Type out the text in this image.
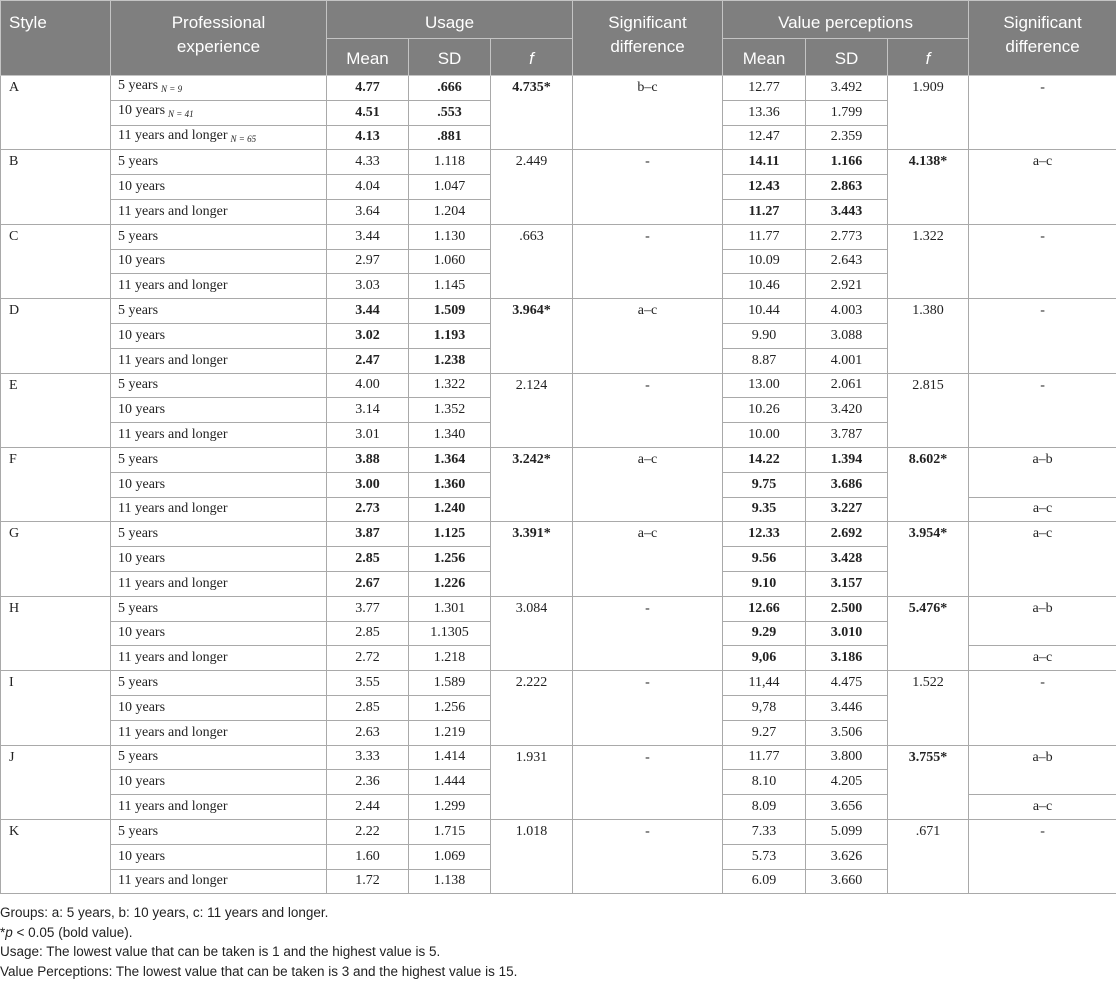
Style	Professional
experience	Usage			Significant
difference	Value perceptions			Significant
difference

		Mean	SD	f		Mean	SD	f	
A	5 years $_{N = 9}$	4.77	.666	4.735*	b–c	12.77	3.492	1.909	-
	10 years $_{N = 41}$	4.51	.553			13.36	1.799		
	11 years and longer $_{N = 65}$	4.13	.881			12.47	2.359		
B	5 years	4.33	1.118	2.449	-	14.11	1.166	4.138*	a–c
	10 years	4.04	1.047			12.43	2.863		
	11 years and longer	3.64	1.204			11.27	3.443		
C	5 years	3.44	1.130	.663	-	11.77	2.773	1.322	-
	10 years	2.97	1.060			10.09	2.643		
	11 years and longer	3.03	1.145			10.46	2.921		
D	5 years	3.44	1.509	3.964*	a–c	10.44	4.003	1.380	-
	10 years	3.02	1.193			9.90	3.088		
	11 years and longer	2.47	1.238			8.87	4.001		
E	5 years	4.00	1.322	2.124	-	13.00	2.061	2.815	-
	10 years	3.14	1.352			10.26	3.420		
	11 years and longer	3.01	1.340			10.00	3.787		
F	5 years	3.88	1.364	3.242*	a–c	14.22	1.394	8.602*	a–b
	10 years	3.00	1.360			9.75	3.686		
	11 years and longer	2.73	1.240			9.35	3.227		a–c
G	5 years	3.87	1.125	3.391*	a–c	12.33	2.692	3.954*	a–c
	10 years	2.85	1.256			9.56	3.428		
	11 years and longer	2.67	1.226			9.10	3.157		
H	5 years	3.77	1.301	3.084	-	12.66	2.500	5.476*	a–b
	10 years	2.85	1.1305			9.29	3.010		
	11 years and longer	2.72	1.218			9,06	3.186		a–c
I	5 years	3.55	1.589	2.222	-	11,44	4.475	1.522	-
	10 years	2.85	1.256			9,78	3.446		
	11 years and longer	2.63	1.219			9.27	3.506		
J	5 years	3.33	1.414	1.931	-	11.77	3.800	3.755*	a–b
	10 years	2.36	1.444			8.10	4.205		
	11 years and longer	2.44	1.299			8.09	3.656		a–c
K	5 years	2.22	1.715	1.018	-	7.33	5.099	.671	-
	10 years	1.60	1.069			5.73	3.626		
	11 years and longer	1.72	1.138			6.09	3.660		
Groups: a: 5 years, b: 10 years, c: 11 years and longer.
*p < 0.05 (bold value).
Usage: The lowest value that can be taken is 1 and the highest value is 5.
Value Perceptions: The lowest value that can be taken is 3 and the highest value is 15.
